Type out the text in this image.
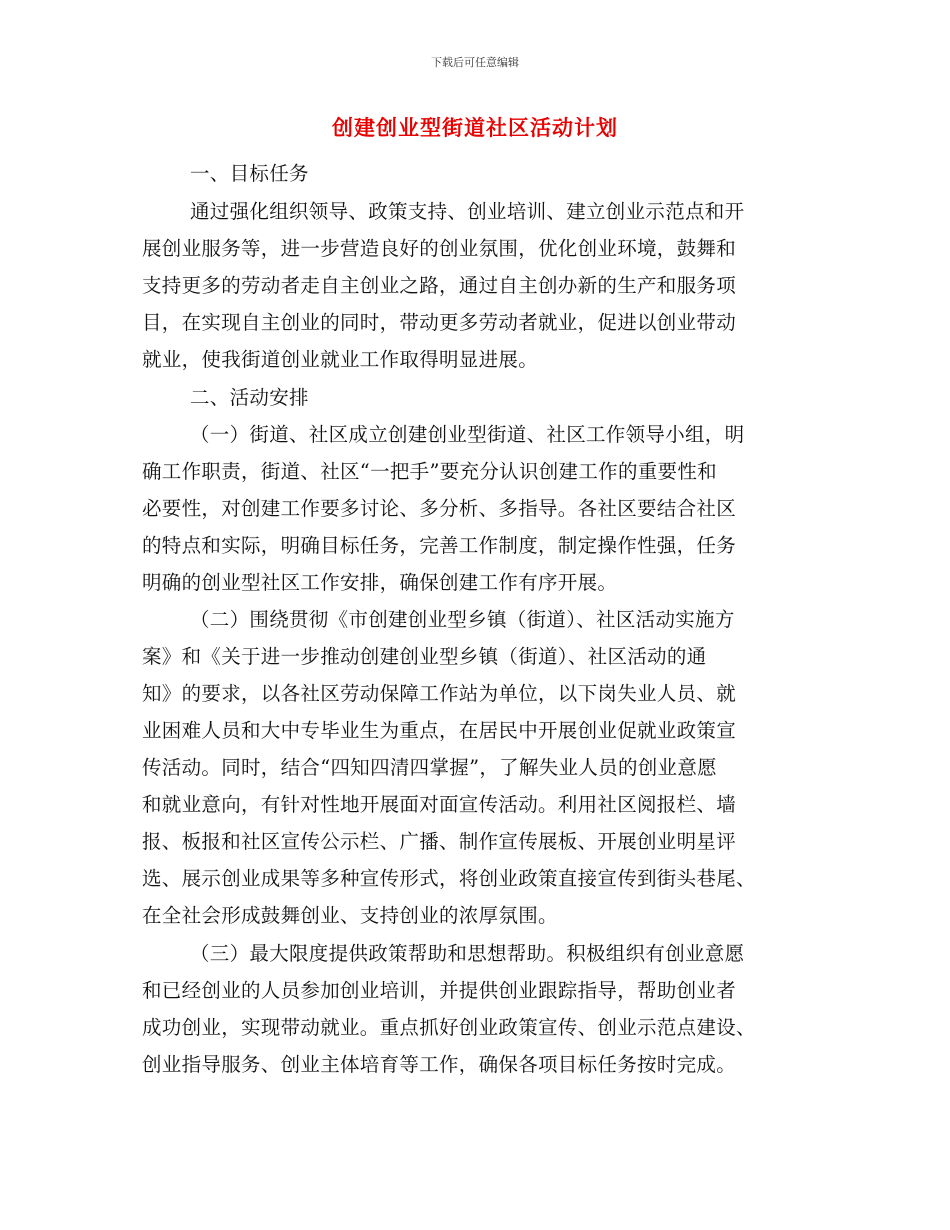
下载后可任意编辑
创建创业型街道社区活动计划
一、目标任务
通过强化组织领导、政策支持、创业培训、建立创业示范点和开
展创业服务等，进一步营造良好的创业氛围，优化创业环境，鼓舞和
支持更多的劳动者走自主创业之路，通过自主创办新的生产和服务项
目，在实现自主创业的同时，带动更多劳动者就业，促进以创业带动
就业，使我街道创业就业工作取得明显进展。
二、活动安排
（一）街道、社区成立创建创业型街道、社区工作领导小组，明
确工作职责，街道、社区“一把手”要充分认识创建工作的重要性和
必要性，对创建工作要多讨论、多分析、多指导。各社区要结合社区
的特点和实际，明确目标任务，完善工作制度，制定操作性强，任务
明确的创业型社区工作安排，确保创建工作有序开展。
（二）围绕贯彻《市创建创业型乡镇（街道）、社区活动实施方
案》和《关于进一步推动创建创业型乡镇（街道）、社区活动的通
知》的要求，以各社区劳动保障工作站为单位，以下岗失业人员、就
业困难人员和大中专毕业生为重点，在居民中开展创业促就业政策宣
传活动。同时，结合“四知四清四掌握”，了解失业人员的创业意愿
和就业意向，有针对性地开展面对面宣传活动。利用社区阅报栏、墙
报、板报和社区宣传公示栏、广播、制作宣传展板、开展创业明星评
选、展示创业成果等多种宣传形式，将创业政策直接宣传到街头巷尾、
在全社会形成鼓舞创业、支持创业的浓厚氛围。
（三）最大限度提供政策帮助和思想帮助。积极组织有创业意愿
和已经创业的人员参加创业培训，并提供创业跟踪指导，帮助创业者
成功创业，实现带动就业。重点抓好创业政策宣传、创业示范点建设、
创业指导服务、创业主体培育等工作，确保各项目标任务按时完成。
